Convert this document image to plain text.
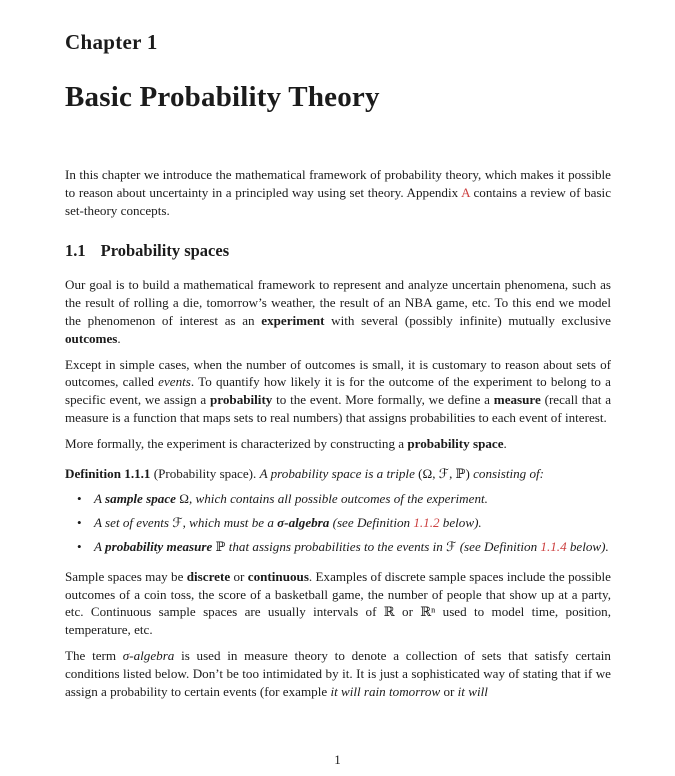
Chapter 1
Basic Probability Theory

In this chapter we introduce the mathematical framework of probability theory, which makes it possible to reason about uncertainty in a principled way using set theory. Appendix A contains a review of basic set-theory concepts.

1.1 Probability spaces

Our goal is to build a mathematical framework to represent and analyze uncertain phenomena, such as the result of rolling a die, tomorrow’s weather, the result of an NBA game, etc. To this end we model the phenomenon of interest as an experiment with several (possibly infinite) mutually exclusive outcomes.

Except in simple cases, when the number of outcomes is small, it is customary to reason about sets of outcomes, called events. To quantify how likely it is for the outcome of the experiment to belong to a specific event, we assign a probability to the event. More formally, we define a measure (recall that a measure is a function that maps sets to real numbers) that assigns probabilities to each event of interest.

More formally, the experiment is characterized by constructing a probability space.

Definition 1.1.1 (Probability space). A probability space is a triple (Ω, ℱ, ℙ) consisting of:

• A sample space Ω, which contains all possible outcomes of the experiment.
• A set of events ℱ, which must be a σ-algebra (see Definition 1.1.2 below).
• A probability measure ℙ that assigns probabilities to the events in ℱ (see Definition 1.1.4 below).

Sample spaces may be discrete or continuous. Examples of discrete sample spaces include the possible outcomes of a coin toss, the score of a basketball game, the number of people that show up at a party, etc. Continuous sample spaces are usually intervals of ℝ or ℝⁿ used to model time, position, temperature, etc.

The term σ-algebra is used in measure theory to denote a collection of sets that satisfy certain conditions listed below. Don’t be too intimidated by it. It is just a sophisticated way of stating that if we assign a probability to certain events (for example it will rain tomorrow or it will

1
